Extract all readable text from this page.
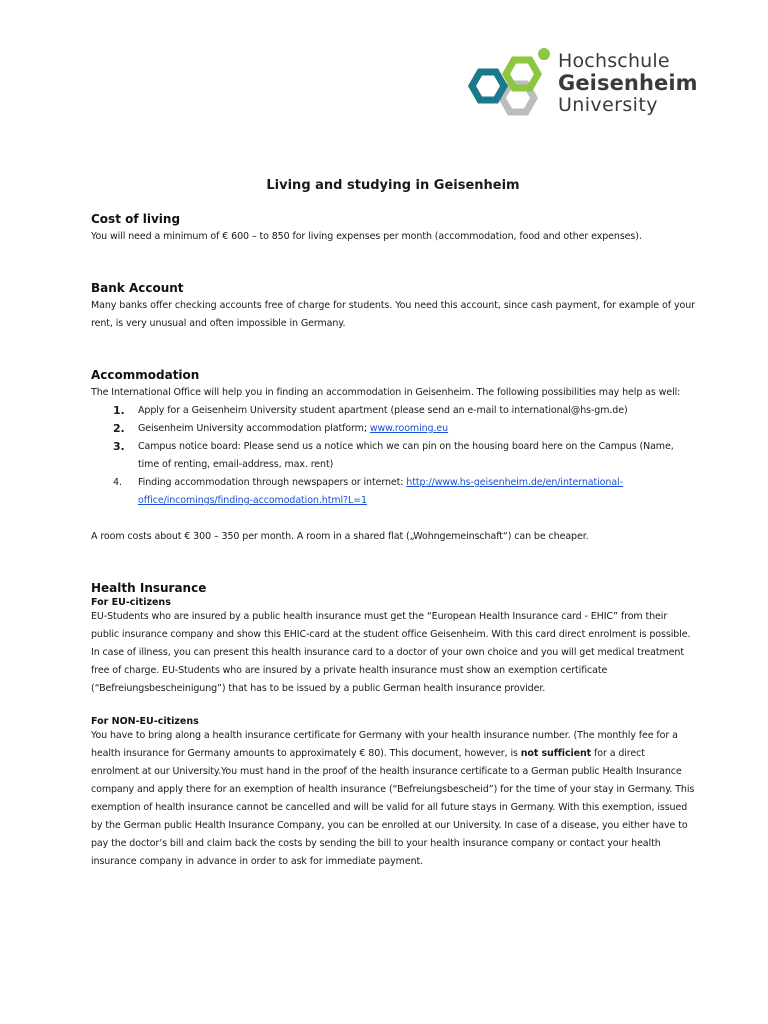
Hochschule
Geisenheim
University
Living and studying in Geisenheim
Cost of living

You will need a minimum of € 600 – to 850 for living expenses per month (accommodation, food and other expenses).

Bank Account

Many banks offer checking accounts free of charge for students. You need this account, since cash payment, for example of your rent, is very unusual and often impossible in Germany.

Accommodation

The International Office will help you in finding an accommodation in Geisenheim. The following possibilities may help as well:

1. Apply for a Geisenheim University student apartment (please send an e-mail to international@hs-gm.de)
2. Geisenheim University accommodation platform; www.rooming.eu
3. Campus notice board: Please send us a notice which we can pin on the housing board here on the Campus (Name, time of renting, email-address, max. rent)
4. Finding accommodation through newspapers or internet: http://www.hs-geisenheim.de/en/international-office/incomings/finding-accomodation.html?L=1

A room costs about € 300 – 350 per month. A room in a shared flat („Wohngemeinschaft“) can be cheaper.

Health Insurance
For EU-citizens

EU-Students who are insured by a public health insurance must get the “European Health Insurance card - EHIC” from their public insurance company and show this EHIC-card at the student office Geisenheim. With this card direct enrolment is possible. In case of illness, you can present this health insurance card to a doctor of your own choice and you will get medical treatment free of charge. EU-Students who are insured by a private health insurance must show an exemption certificate (“Befreiungsbescheinigung”) that has to be issued by a public German health insurance provider.

For NON-EU-citizens

You have to bring along a health insurance certificate for Germany with your health insurance number. (The monthly fee for a health insurance for Germany amounts to approximately € 80). This document, however, is not sufficient for a direct enrolment at our University.You must hand in the proof of the health insurance certificate to a German public Health Insurance company and apply there for an exemption of health insurance (“Befreiungsbescheid”) for the time of your stay in Germany. This exemption of health insurance cannot be cancelled and will be valid for all future stays in Germany. With this exemption, issued by the German public Health Insurance Company, you can be enrolled at our University. In case of a disease, you either have to pay the doctor’s bill and claim back the costs by sending the bill to your health insurance company or contact your health insurance company in advance in order to ask for immediate payment.
